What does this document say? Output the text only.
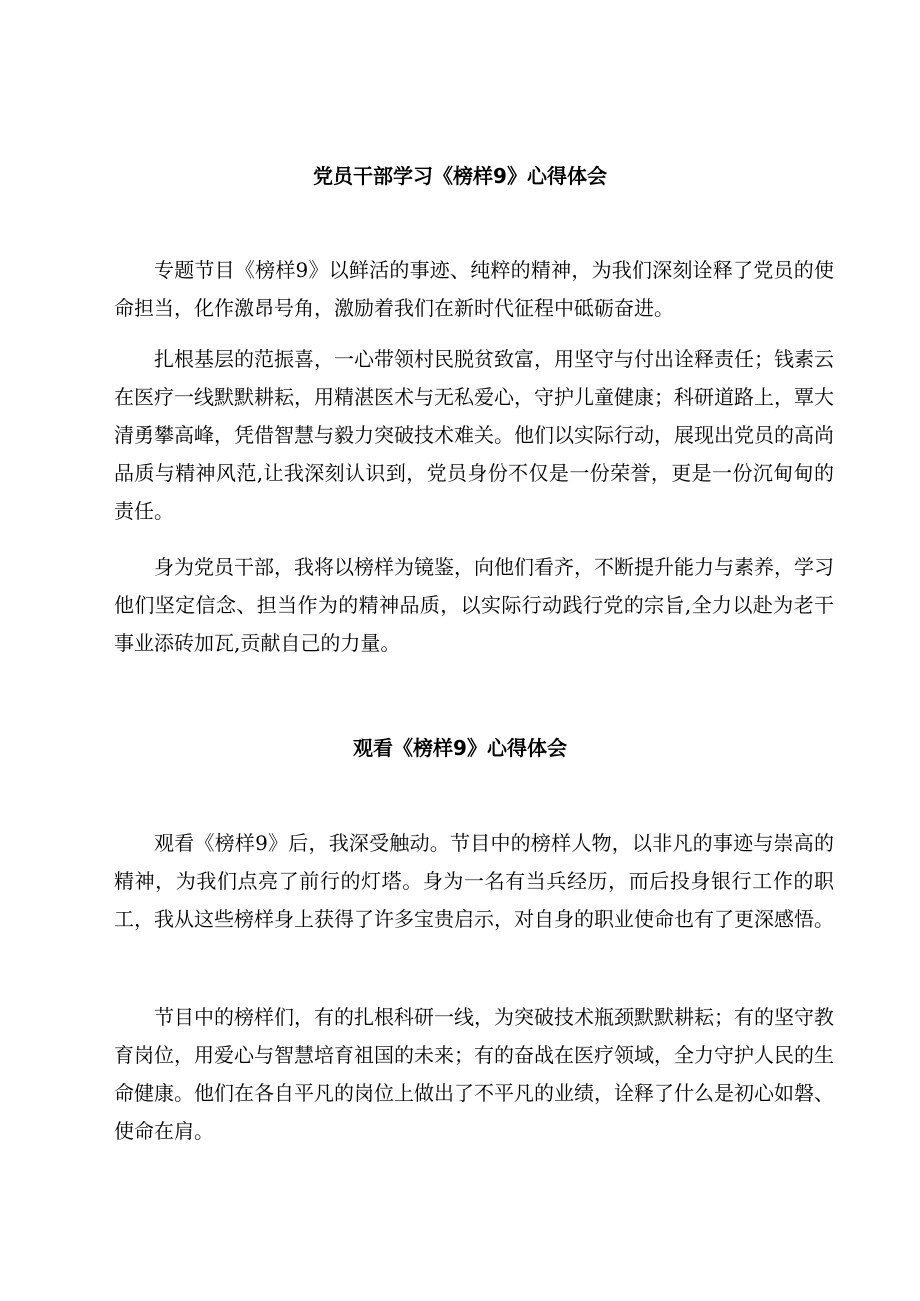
党员干部学习《榜样9》心得体会

专题节目《榜样9》以鲜活的事迹、纯粹的精神，为我们深刻诠释了党员的使命担当，化作激昂号角，激励着我们在新时代征程中砥砺奋进。

扎根基层的范振喜，一心带领村民脱贫致富，用坚守与付出诠释责任；钱素云在医疗一线默默耕耘，用精湛医术与无私爱心，守护儿童健康；科研道路上，覃大清勇攀高峰，凭借智慧与毅力突破技术难关。他们以实际行动，展现出党员的高尚品质与精神风范,让我深刻认识到，党员身份不仅是一份荣誉，更是一份沉甸甸的责任。

身为党员干部，我将以榜样为镜鉴，向他们看齐，不断提升能力与素养，学习他们坚定信念、担当作为的精神品质，以实际行动践行党的宗旨,全力以赴为老干事业添砖加瓦,贡献自己的力量。

观看《榜样9》心得体会

观看《榜样9》后，我深受触动。节目中的榜样人物，以非凡的事迹与崇高的精神，为我们点亮了前行的灯塔。身为一名有当兵经历，而后投身银行工作的职工，我从这些榜样身上获得了许多宝贵启示，对自身的职业使命也有了更深感悟。

节目中的榜样们，有的扎根科研一线，为突破技术瓶颈默默耕耘；有的坚守教育岗位，用爱心与智慧培育祖国的未来；有的奋战在医疗领域，全力守护人民的生命健康。他们在各自平凡的岗位上做出了不平凡的业绩，诠释了什么是初心如磐、使命在肩。
